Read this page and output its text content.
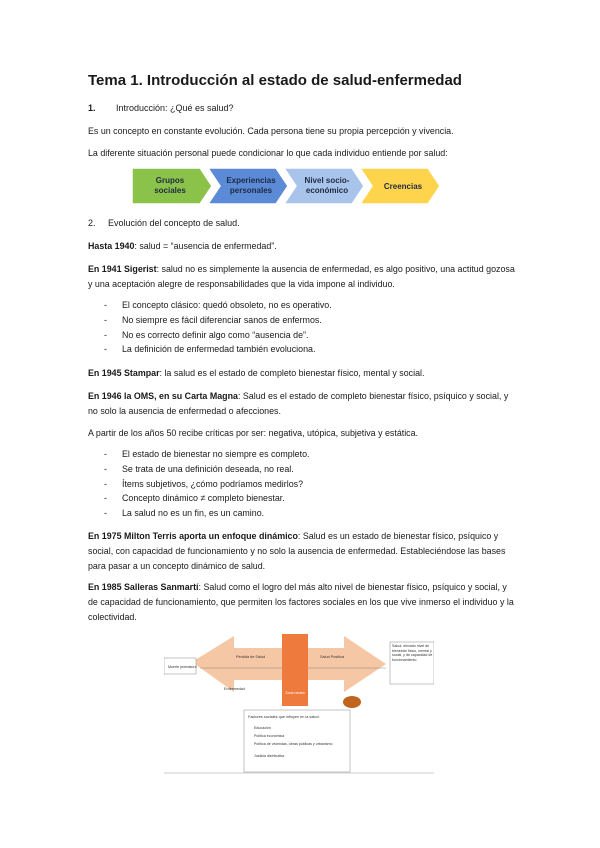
Tema 1. Introducción al estado de salud-enfermedad
1. Introducción: ¿Qué es salud?
Es un concepto en constante evolución. Cada persona tiene su propia percepción y vivencia.
La diferente situación personal puede condicionar lo que cada individuo entiende por salud:
Grupos
sociales
Experiencias
personales
Nivel socio-
económico	Creencias
2. Evolución del concepto de salud.
Hasta 1940: salud = “ausencia de enfermedad”.
En 1941 Sigerist: salud no es simplemente la ausencia de enfermedad, es algo positivo, una actitud gozosa y una aceptación alegre de responsabilidades que la vida impone al individuo.
- El concepto clásico: quedó obsoleto, no es operativo.
- No siempre es fácil diferenciar sanos de enfermos.
- No es correcto definir algo como “ausencia de”.
- La definición de enfermedad también evoluciona.
En 1945 Stampar: la salud es el estado de completo bienestar físico, mental y social.
En 1946 la OMS, en su Carta Magna: Salud es el estado de completo bienestar físico, psíquico y social, y no solo la ausencia de enfermedad o afecciones.
A partir de los años 50 recibe críticas por ser: negativa, utópica, subjetiva y estática.
- El estado de bienestar no siempre es completo.
- Se trata de una definición deseada, no real.
- Ítems subjetivos, ¿cómo podríamos medirlos?
- Concepto dinámico ≠ completo bienestar.
- La salud no es un fin, es un camino.
En 1975 Milton Terris aporta un enfoque dinámico: Salud es un estado de bienestar físico, psíquico y social, con capacidad de funcionamiento y no solo la ausencia de enfermedad. Estableciéndose las bases para pasar a un concepto dinámico de salud.
En 1985 Salleras Sanmartí: Salud como el logro del más alto nivel de bienestar físico, psíquico y social, y de capacidad de funcionamiento, que permiten los factores sociales en los que vive inmerso el individuo y la colectividad.
Zona neutra
Muerte prematura
Salud: elevado nivel de bienestar físico, mental y social, y de capacidad de funcionamiento.
Pérdida de Salud	Salud Positiva
Enfermedad
Factores sociales que influyen en la salud:
Educación
Política económica
Política de viviendas, obras públicas y urbanismo
Justicia distributiva
